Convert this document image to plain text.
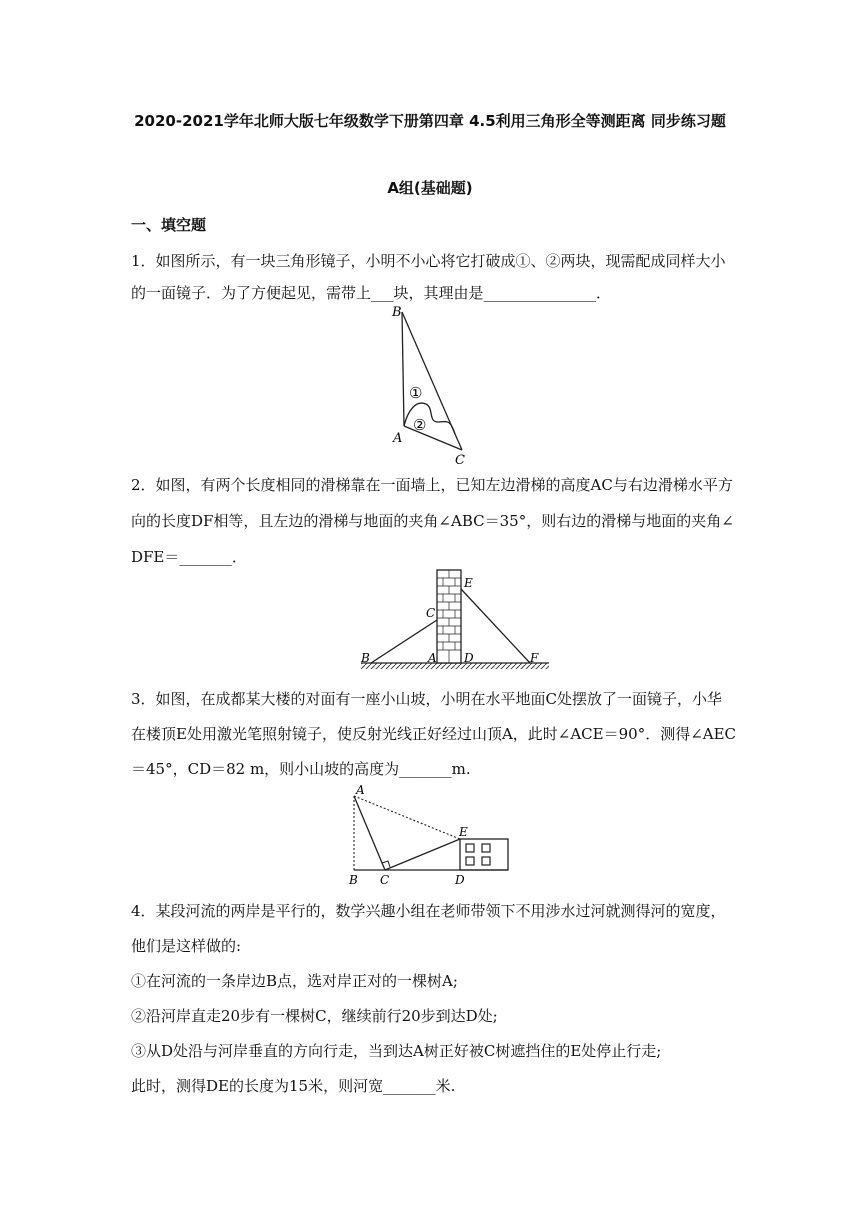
2020-2021学年北师大版七年级数学下册第四章 4.5利用三角形全等测距离 同步练习题
A组(基础题)
一、填空题
1．如图所示，有一块三角形镜子，小明不小心将它打破成①、②两块，现需配成同样大小
的一面镜子．为了方便起见，需带上___块，其理由是_______________．
B
A
C
①
②
2．如图，有两个长度相同的滑梯靠在一面墙上，已知左边滑梯的高度AC与右边滑梯水平方
向的长度DF相等，且左边的滑梯与地面的夹角∠ABC＝35°，则右边的滑梯与地面的夹角∠
DFE＝_______．
B	A
C
D
E
F
3．如图，在成都某大楼的对面有一座小山坡，小明在水平地面C处摆放了一面镜子，小华
在楼顶E处用激光笔照射镜子，使反射光线正好经过山顶A，此时∠ACE＝90°．测得∠AEC
＝45°，CD＝82 m，则小山坡的高度为_______m.
A
B C	D
E
4．某段河流的两岸是平行的，数学兴趣小组在老师带领下不用涉水过河就测得河的宽度，
他们是这样做的:
①在河流的一条岸边B点，选对岸正对的一棵树A;
②沿河岸直走20步有一棵树C，继续前行20步到达D处;
③从D处沿与河岸垂直的方向行走，当到达A树正好被C树遮挡住的E处停止行走;
此时，测得DE的长度为15米，则河宽_______米.
